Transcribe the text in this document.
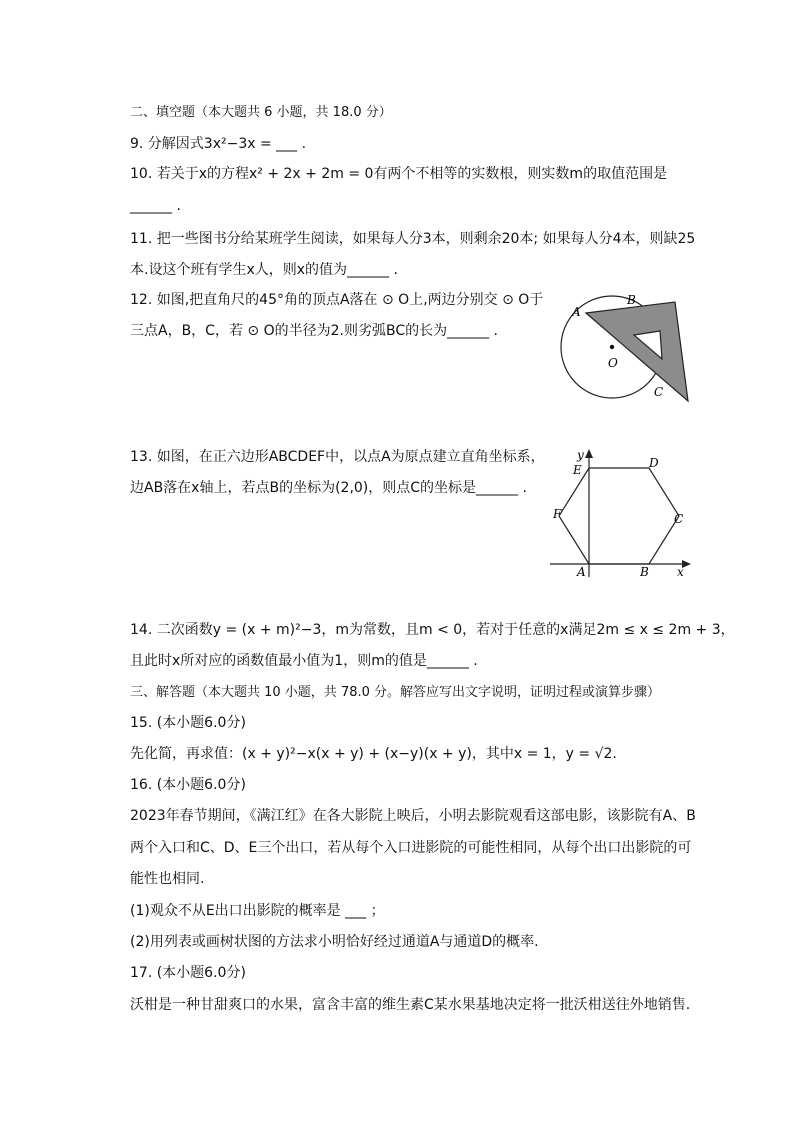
二、填空题（本大题共 6 小题，共 18.0 分）
9. 分解因式3x²−3x = ___ .
10. 若关于x的方程x² + 2x + 2m = 0有两个不相等的实数根，则实数m的取值范围是
______ .
11. 把一些图书分给某班学生阅读，如果每人分3本，则剩余20本; 如果每人分4本，则缺25
本.设这个班有学生x人，则x的值为______ .
12. 如图,把直角尺的45°角的顶点A落在 ⊙ O上,两边分别交 ⊙ O于
三点A，B，C，若 ⊙ O的半径为2.则劣弧BC的长为______ .
A
B
C
O
13. 如图，在正六边形ABCDEF中，以点A为原点建立直角坐标系，
边AB落在x轴上，若点B的坐标为(2,0)，则点C的坐标是______ .
y
x
A	B
C
D
E
F
14. 二次函数y = (x + m)²−3，m为常数，且m < 0，若对于任意的x满足2m ≤ x ≤ 2m + 3，
且此时x所对应的函数值最小值为1，则m的值是______ .
三、解答题（本大题共 10 小题，共 78.0 分。解答应写出文字说明，证明过程或演算步骤）
15. (本小题6.0分)
先化简，再求值：(x + y)²−x(x + y) + (x−y)(x + y)，其中x = 1，y = √2.
16. (本小题6.0分)
2023年春节期间，《满江红》在各大影院上映后，小明去影院观看这部电影，该影院有A、B
两个入口和C、D、E三个出口，若从每个入口进影院的可能性相同，从每个出口出影院的可
能性也相同.
(1)观众不从E出口出影院的概率是 ___ ；
(2)用列表或画树状图的方法求小明恰好经过通道A与通道D的概率.
17. (本小题6.0分)
沃柑是一种甘甜爽口的水果，富含丰富的维生素C某水果基地决定将一批沃柑送往外地销售.
